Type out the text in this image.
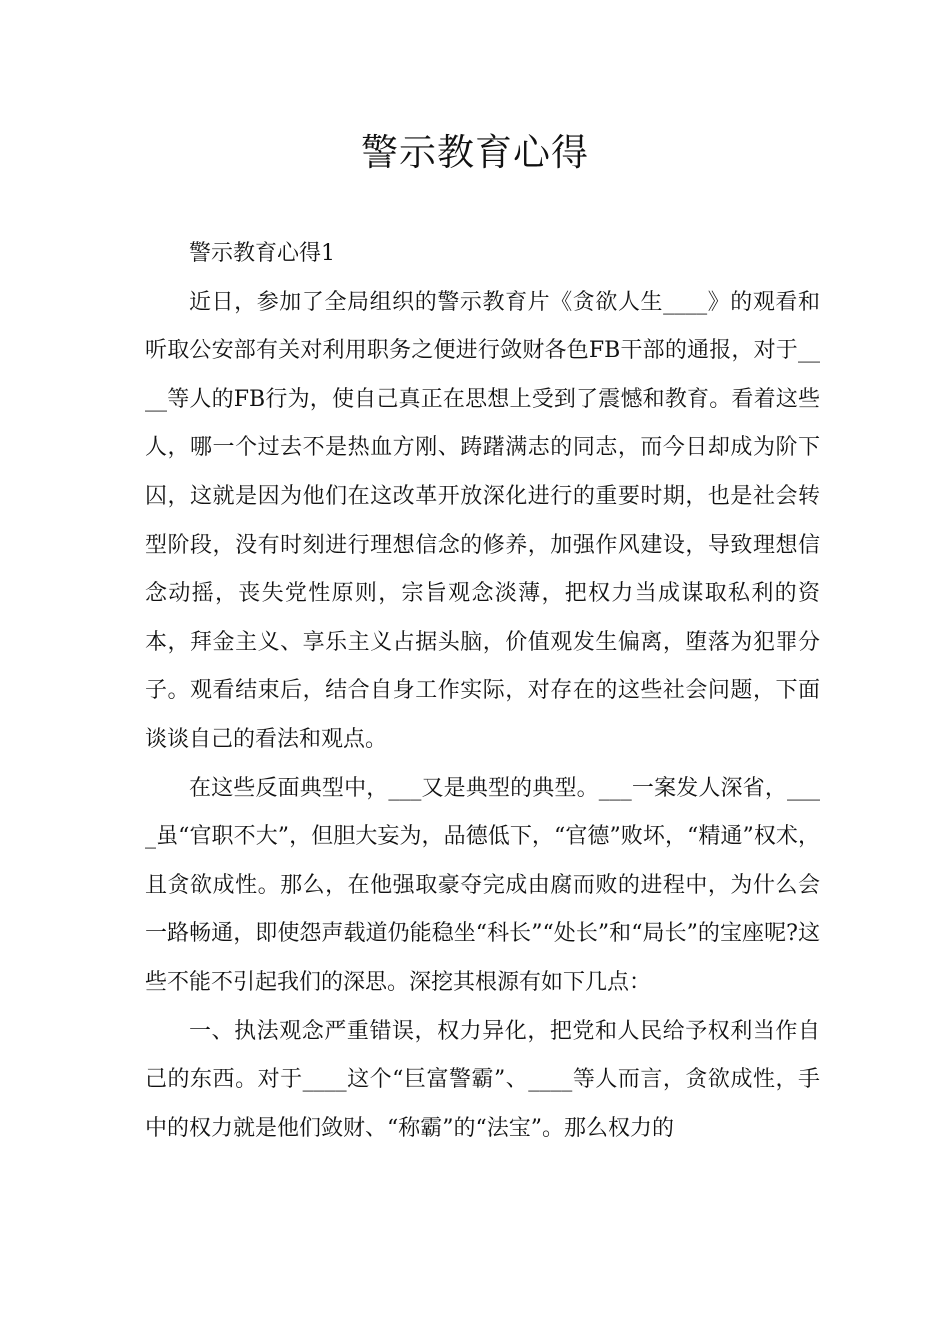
警示教育心得

警示教育心得1

近日，参加了全局组织的警示教育片《贪欲人生____》的观看和听取公安部有关对利用职务之便进行敛财各色FB干部的通报，对于____等人的FB行为，使自己真正在思想上受到了震憾和教育。看着这些人，哪一个过去不是热血方刚、踌躇满志的同志，而今日却成为阶下囚，这就是因为他们在这改革开放深化进行的重要时期，也是社会转型阶段，没有时刻进行理想信念的修养，加强作风建设，导致理想信念动摇，丧失党性原则，宗旨观念淡薄，把权力当成谋取私利的资本，拜金主义、享乐主义占据头脑，价值观发生偏离，堕落为犯罪分子。观看结束后，结合自身工作实际，对存在的这些社会问题，下面谈谈自己的看法和观点。

在这些反面典型中，___又是典型的典型。___一案发人深省，____虽“官职不大”，但胆大妄为，品德低下，“官德”败坏，“精通”权术，且贪欲成性。那么，在他强取豪夺完成由腐而败的进程中，为什么会一路畅通，即使怨声载道仍能稳坐“科长”“处长”和“局长”的宝座呢?这些不能不引起我们的深思。深挖其根源有如下几点：

一、执法观念严重错误，权力异化，把党和人民给予权利当作自己的东西。对于____这个“巨富警霸”、____等人而言，贪欲成性，手中的权力就是他们敛财、“称霸”的“法宝”。那么权力的
